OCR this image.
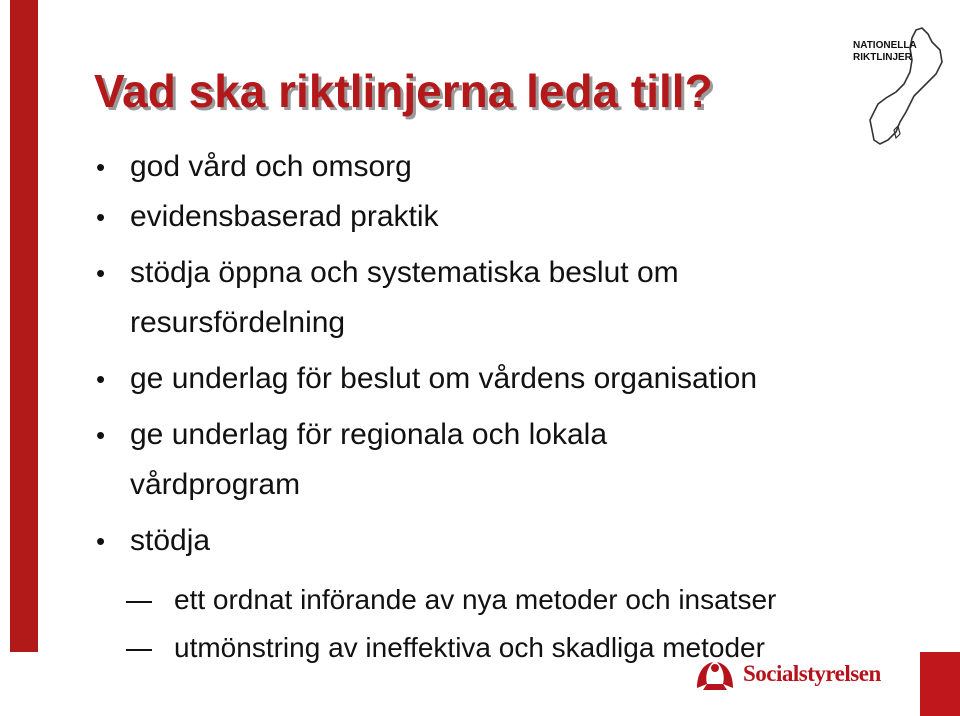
Vad ska riktlinjerna leda till?
NATIONELLA
RIKTLINJER
• god vård och omsorg
• evidensbaserad praktik
• stödja öppna och systematiska beslut om resursfördelning
• ge underlag för beslut om vårdens organisation
• ge underlag för regionala och lokala vårdprogram
• stödja
ett ordnat införande av nya metoder och insatser
utmönstring av ineffektiva och skadliga metoder
Socialstyrelsen
